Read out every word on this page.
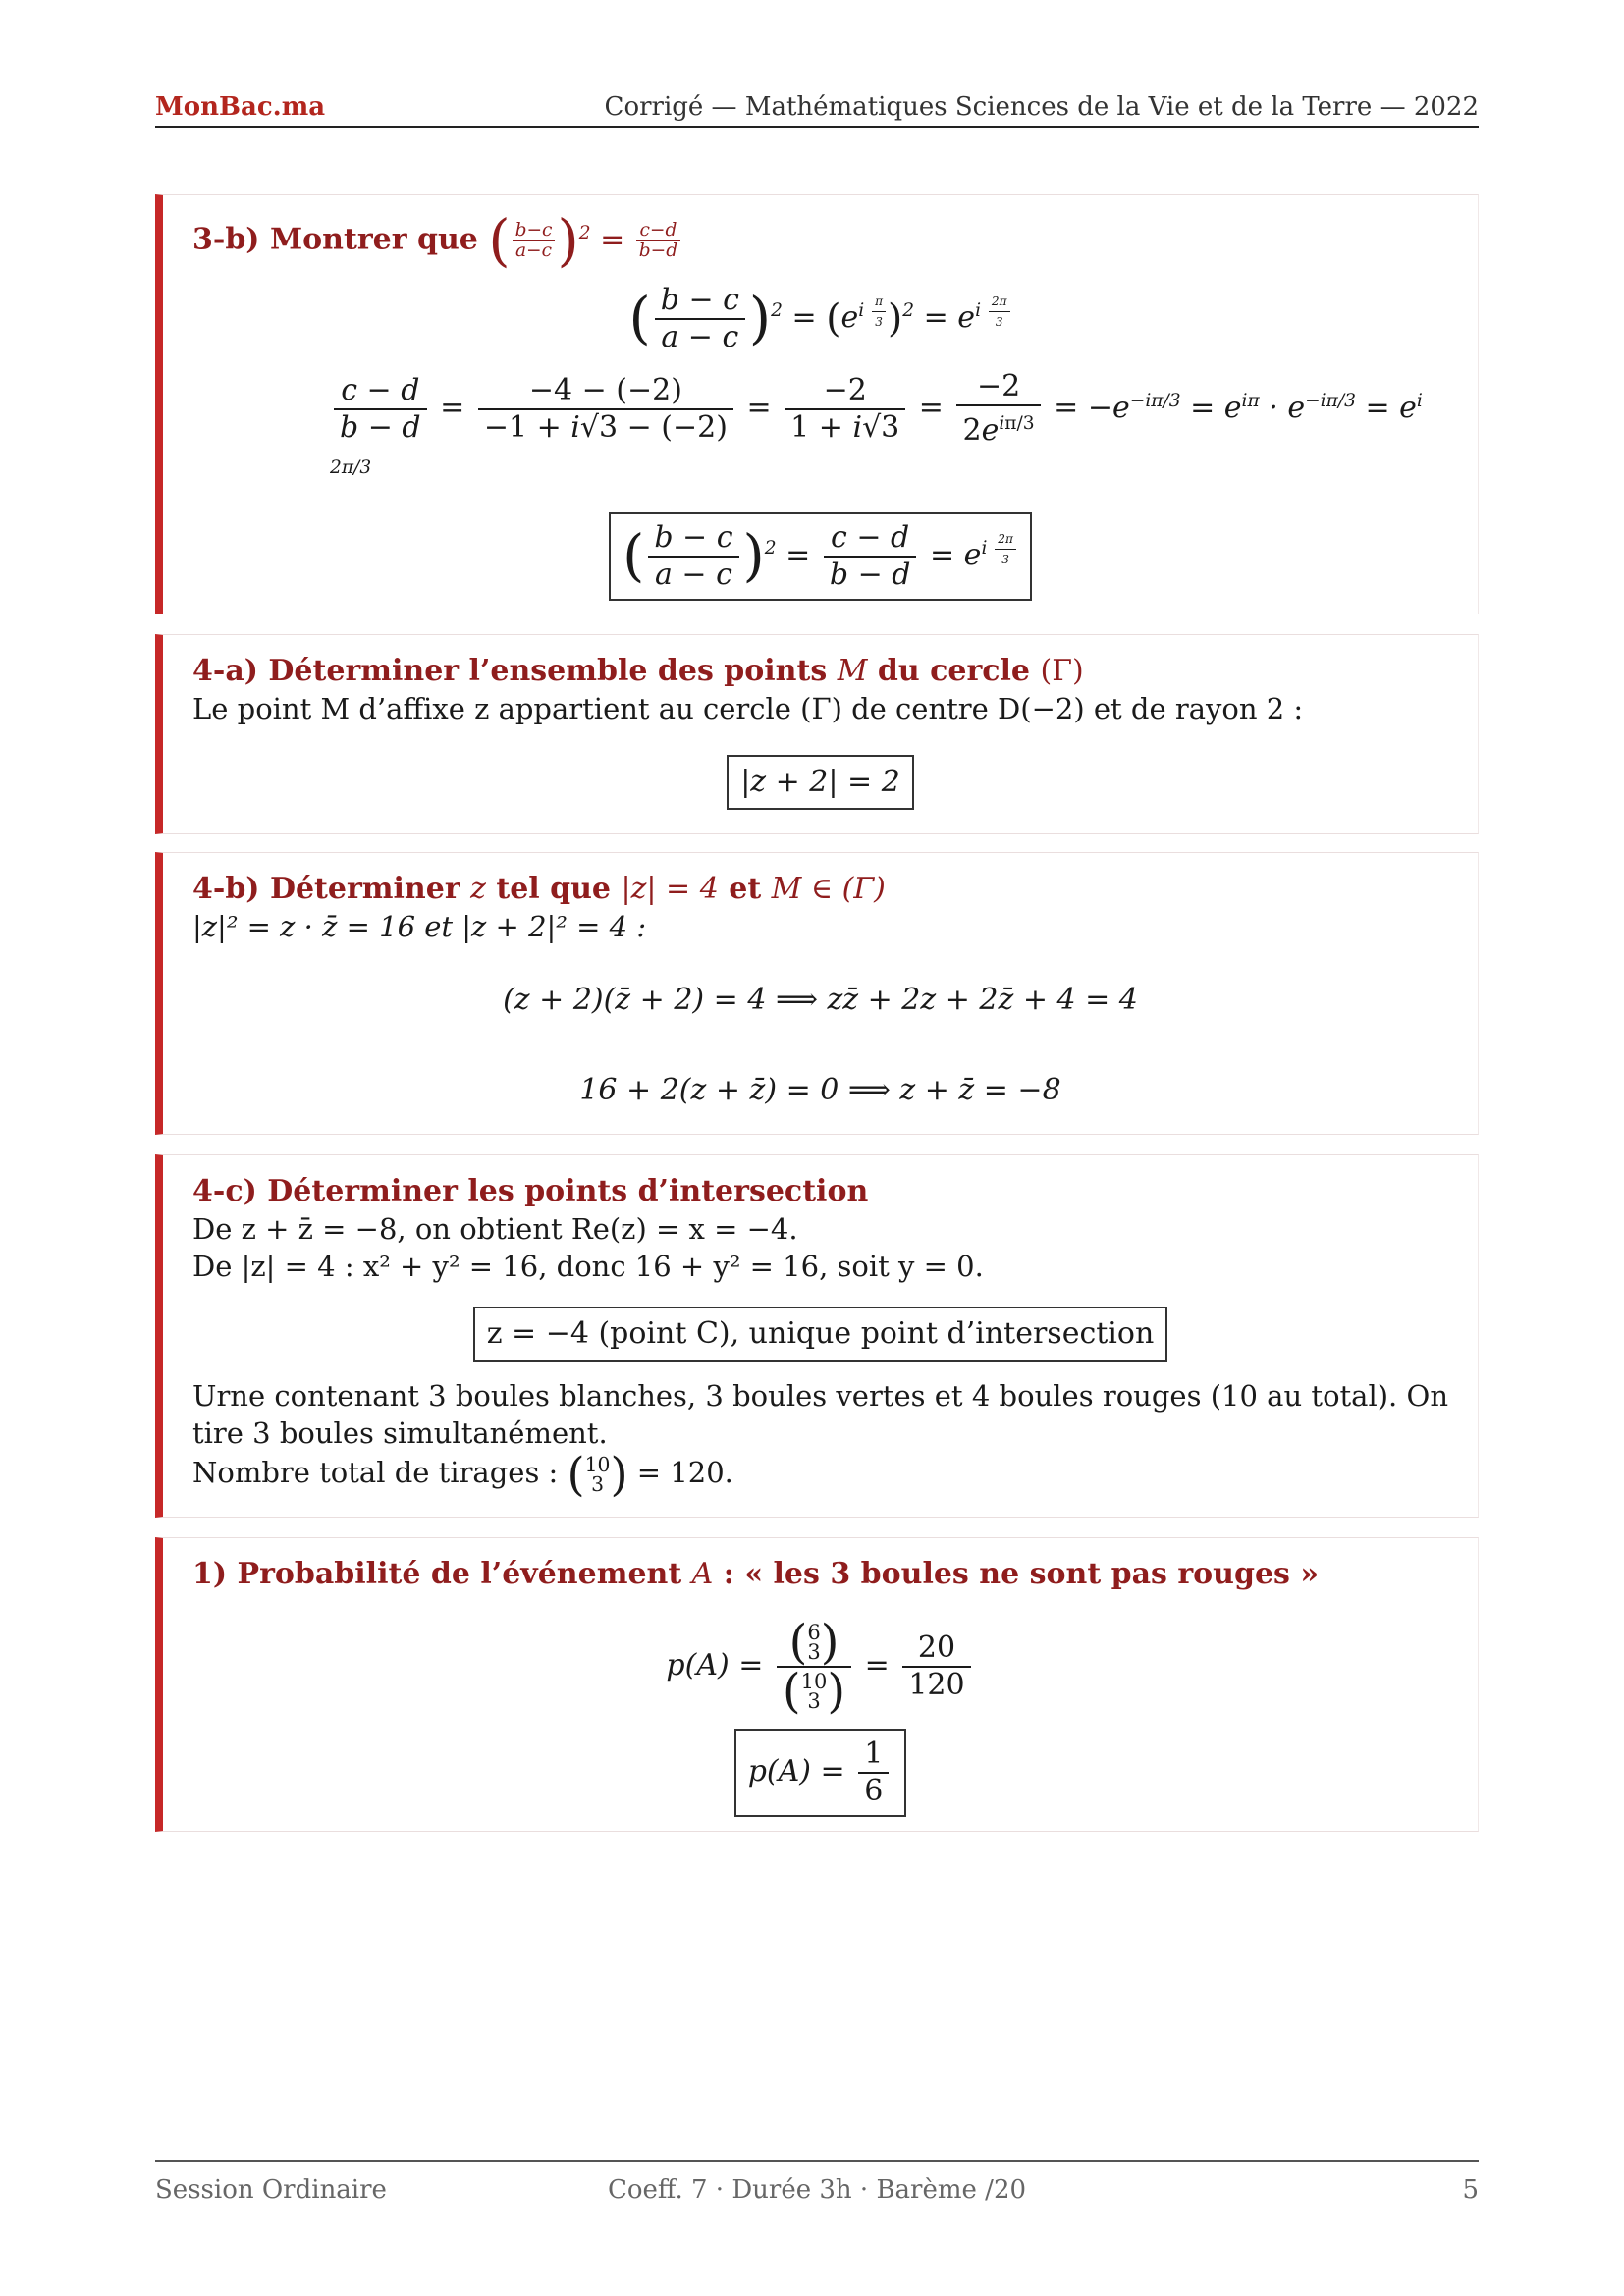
MonBac.ma	Corrigé — Mathématiques Sciences de la Vie et de la Terre — 2022
3-b) Montrer que ( $\frac{b-c}{a-c} )^2 = \frac{c-d}{b-d}$
( $\frac{b - c}{a - c} )^2 = (e^{i \frac{\pi}{3}}$ )$^2 = e^{i \frac{2\pi}{3}}$
$\frac{c - d}{b - d} = \frac{-4 - (-2)}{-1 + i√3 - (-2)} = \frac{-2}{1 + i√3} = \frac{-2}{2e^{i\pi/3}} = -e^{-i\pi/3} = e^{i\pi} \cdot e^{-i\pi/3} = e^{i 2\pi/3}$
( $\frac{b - c}{a - c} )^2 = \frac{c - d}{b - d} = e^{i \frac{2\pi}{3}}$
4-a) Déterminer l’ensemble des points M du cercle (Γ)
Le point M d’affixe z appartient au cercle (Γ) de centre D(−2) et de rayon 2 :
|z + 2| = 2
4-b) Déterminer z tel que |z| = 4 et M ∈ (Γ)
|z|² = z · z̄ = 16 et |z + 2|² = 4 :
(z + 2)(z̄ + 2) = 4 ⟹ zz̄ + 2z + 2z̄ + 4 = 4
16 + 2(z + z̄) = 0 ⟹ z + z̄ = −8
4-c) Déterminer les points d’intersection
De z + z̄ = −8, on obtient Re(z) = x = −4.
De |z| = 4 : x² + y² = 16, donc 16 + y² = 16, soit y = 0.
z = −4 (point C), unique point d’intersection
Urne contenant 3 boules blanches, 3 boules vertes et 4 boules rouges (10 au total). On tire 3 boules simultanément.
Nombre total de tirages : ( 10
3 ) = 120.
1) Probabilité de l’événement A : « les 3 boules ne sont pas rouges »
p(A) = ( 6
3 )
( 10
3 ) = $\frac{20}{120}$
$p(A) = \frac{1}{6}$
Session Ordinaire	Coeff. 7 · Durée 3h · Barème /20	5
